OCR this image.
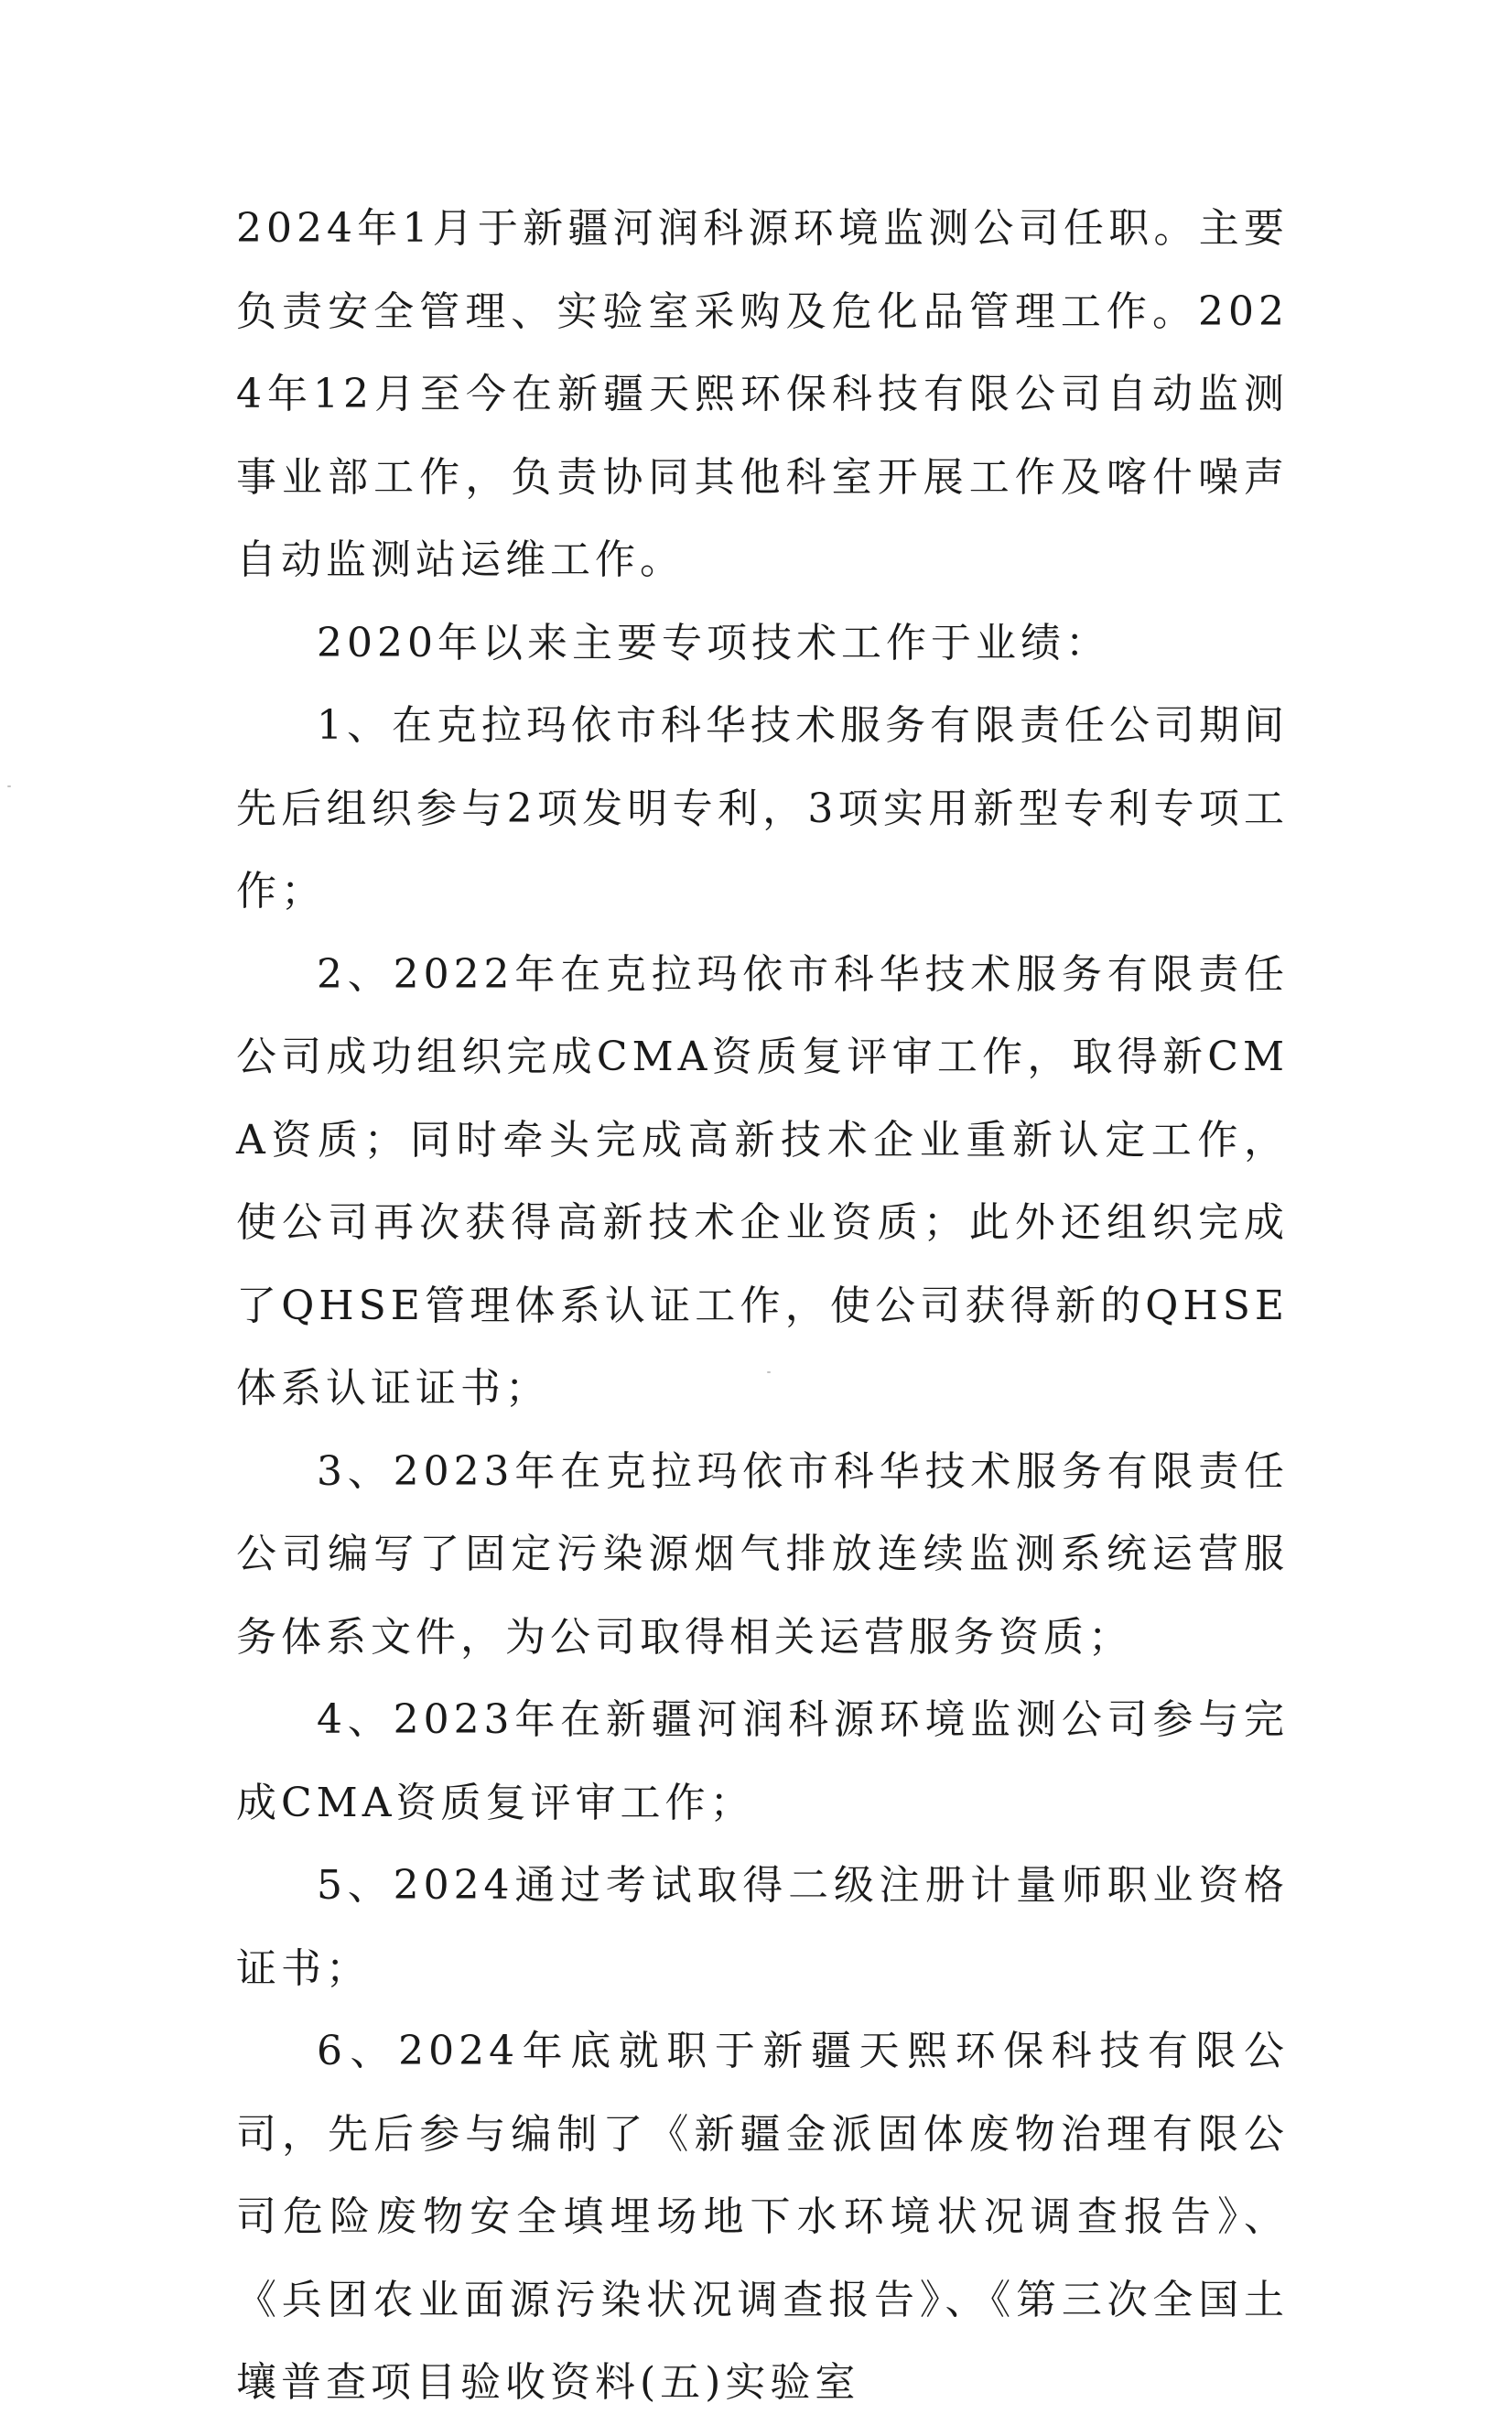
2024年1月于新疆河润科源环境监测公司任职。主要负责安全管理、实验室采购及危化品管理工作。2024年12月至今在新疆天熙环保科技有限公司自动监测事业部工作，负责协同其他科室开展工作及喀什噪声自动监测站运维工作。

2020年以来主要专项技术工作于业绩：

1、在克拉玛依市科华技术服务有限责任公司期间先后组织参与2项发明专利，3项实用新型专利专项工作；

2、2022年在克拉玛依市科华技术服务有限责任公司成功组织完成CMA资质复评审工作，取得新CMA资质；同时牵头完成高新技术企业重新认定工作，使公司再次获得高新技术企业资质；此外还组织完成了QHSE管理体系认证工作，使公司获得新的QHSE体系认证证书；

3、2023年在克拉玛依市科华技术服务有限责任公司编写了固定污染源烟气排放连续监测系统运营服务体系文件，为公司取得相关运营服务资质；

4、2023年在新疆河润科源环境监测公司参与完成CMA资质复评审工作；

5、2024通过考试取得二级注册计量师职业资格证书；

6、2024年底就职于新疆天熙环保科技有限公司，先后参与编制了《新疆金派固体废物治理有限公司危险废物安全填埋场地下水环境状况调查报告》、《兵团农业面源污染状况调查报告》、《第三次全国土壤普查项目验收资料(五)实验室
